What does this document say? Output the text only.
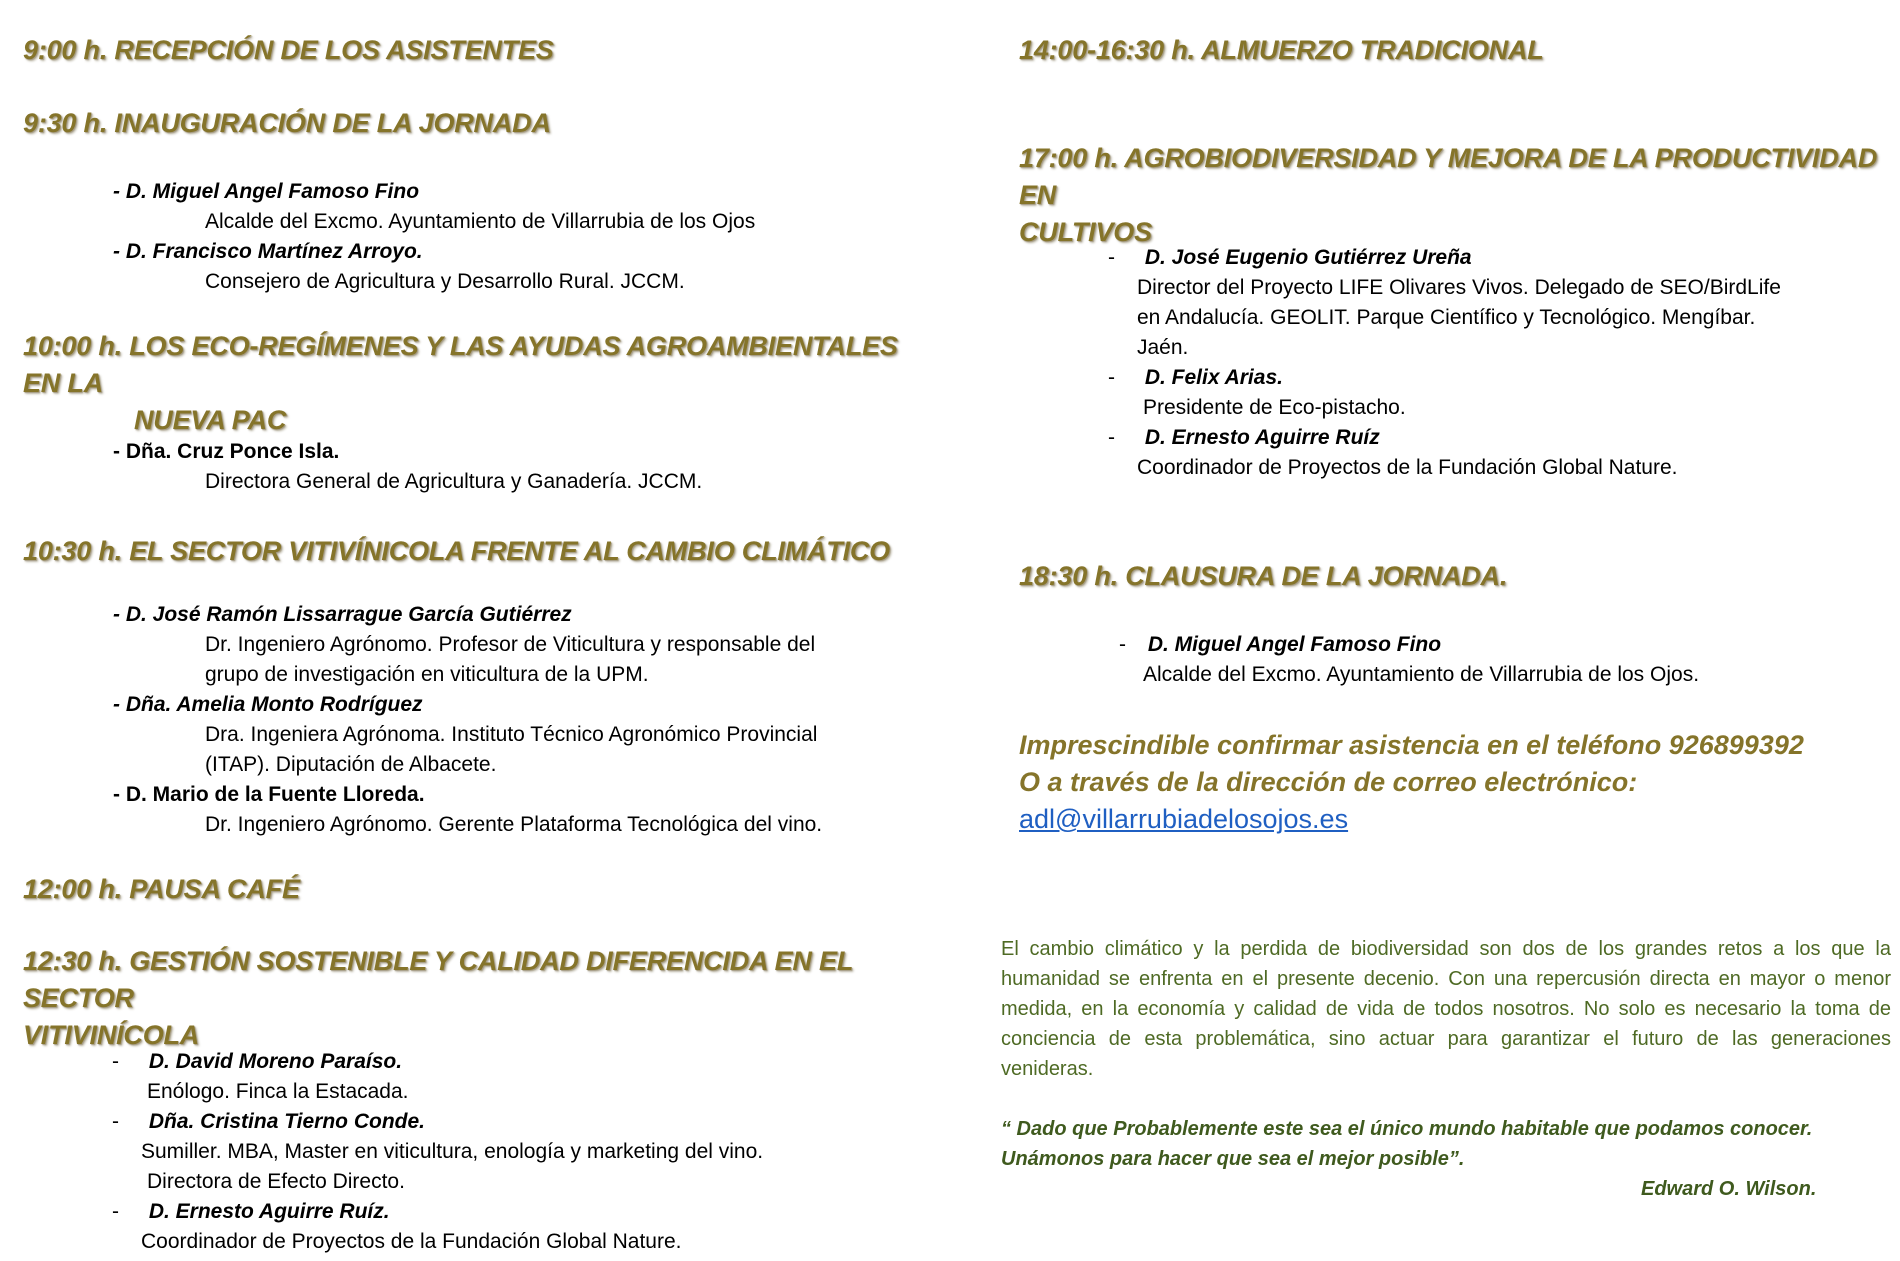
9:00 h. RECEPCIÓN DE LOS ASISTENTES
9:30 h. INAUGURACIÓN DE LA JORNADA
- D. Miguel Angel Famoso Fino
Alcalde del Excmo. Ayuntamiento de Villarrubia de los Ojos
- D. Francisco Martínez Arroyo.
Consejero de Agricultura y Desarrollo Rural. JCCM.
10:00 h. LOS ECO-REGÍMENES Y LAS AYUDAS AGROAMBIENTALES EN LA
NUEVA PAC
- Dña. Cruz Ponce Isla.
Directora General de Agricultura y Ganadería. JCCM.
10:30 h. EL SECTOR VITIVÍNICOLA FRENTE AL CAMBIO CLIMÁTICO
- D. José Ramón Lissarrague García Gutiérrez
Dr. Ingeniero Agrónomo. Profesor de Viticultura y responsable del
grupo de investigación en viticultura de la UPM.
- Dña. Amelia Monto Rodríguez
Dra. Ingeniera Agrónoma. Instituto Técnico Agronómico Provincial
(ITAP). Diputación de Albacete.
- D. Mario de la Fuente Lloreda.
Dr. Ingeniero Agrónomo. Gerente Plataforma Tecnológica del vino.
12:00 h. PAUSA CAFÉ
12:30 h. GESTIÓN SOSTENIBLE Y CALIDAD DIFERENCIDA EN EL SECTOR
VITIVINÍCOLA
- D. David Moreno Paraíso.
Enólogo. Finca la Estacada.
- Dña. Cristina Tierno Conde.
Sumiller. MBA, Master en viticultura, enología y marketing del vino.
Directora de Efecto Directo.
- D. Ernesto Aguirre Ruíz.
Coordinador de Proyectos de la Fundación Global Nature.
14:00-16:30 h. ALMUERZO TRADICIONAL
17:00 h. AGROBIODIVERSIDAD Y MEJORA DE LA PRODUCTIVIDAD EN
CULTIVOS
- D. José Eugenio Gutiérrez Ureña
Director del Proyecto LIFE Olivares Vivos. Delegado de SEO/BirdLife
en Andalucía. GEOLIT. Parque Científico y Tecnológico. Mengíbar.
Jaén.
- D. Felix Arias.
Presidente de Eco-pistacho.
- D. Ernesto Aguirre Ruíz
Coordinador de Proyectos de la Fundación Global Nature.
18:30 h. CLAUSURA DE LA JORNADA.
- D. Miguel Angel Famoso Fino
Alcalde del Excmo. Ayuntamiento de Villarrubia de los Ojos.
Imprescindible confirmar asistencia en el teléfono 926899392
O a través de la dirección de correo electrónico:
adl@villarrubiadelosojos.es
El cambio climático y la perdida de biodiversidad son dos de los grandes retos a los que la humanidad se enfrenta en el presente decenio. Con una repercusión directa en mayor o menor medida, en la economía y calidad de vida de todos nosotros. No solo es necesario la toma de conciencia de esta problemática, sino actuar para garantizar el futuro de las generaciones venideras.
“ Dado que Probablemente este sea el único mundo habitable que podamos conocer.
Unámonos para hacer que sea el mejor posible”.
Edward O. Wilson.
